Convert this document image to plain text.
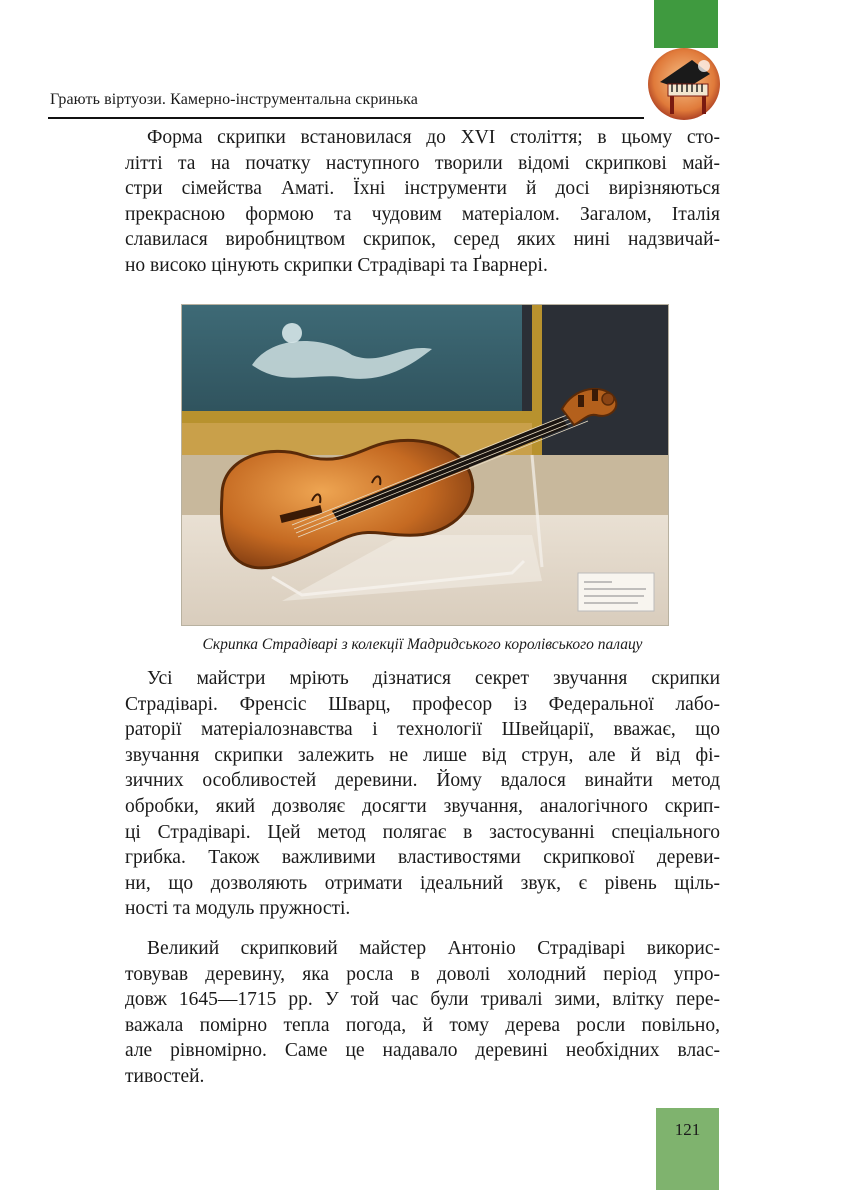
Грають віртуози. Камерно-інструментальна скринька

Форма скрипки встановилася до XVI століття; в цьому сто-
літті та на початку наступного творили відомі скрипкові май-
стри сімейства Аматі. Їхні інструменти й досі вирізняються
прекрасною формою та чудовим матеріалом. Загалом, Італія
славилася виробництвом скрипок, серед яких нині надзвичай-
но високо цінують скрипки Страдіварі та Ґварнері.

Скрипка Страдіварі з колекції Мадридського королівського палацу

Усі майстри мріють дізнатися секрет звучання скрипки
Страдіварі. Френсіс Шварц, професор із Федеральної лабо-
раторії матеріалознавства і технології Швейцарії, вважає, що
звучання скрипки залежить не лише від струн, але й від фі-
зичних особливостей деревини. Йому вдалося винайти метод
обробки, який дозволяє досягти звучання, аналогічного скрип-
ці Страдіварі. Цей метод полягає в застосуванні спеціального
грибка. Також важливими властивостями скрипкової дереви-
ни, що дозволяють отримати ідеальний звук, є рівень щіль-
ності та модуль пружності.

Великий скрипковий майстер Антоніо Страдіварі викорис-
товував деревину, яка росла в доволі холодний період упро-
довж 1645—1715 рр. У той час були тривалі зими, влітку пере-
важала помірно тепла погода, й тому дерева росли повільно,
але рівномірно. Саме це надавало деревині необхідних влас-
тивостей.

121
